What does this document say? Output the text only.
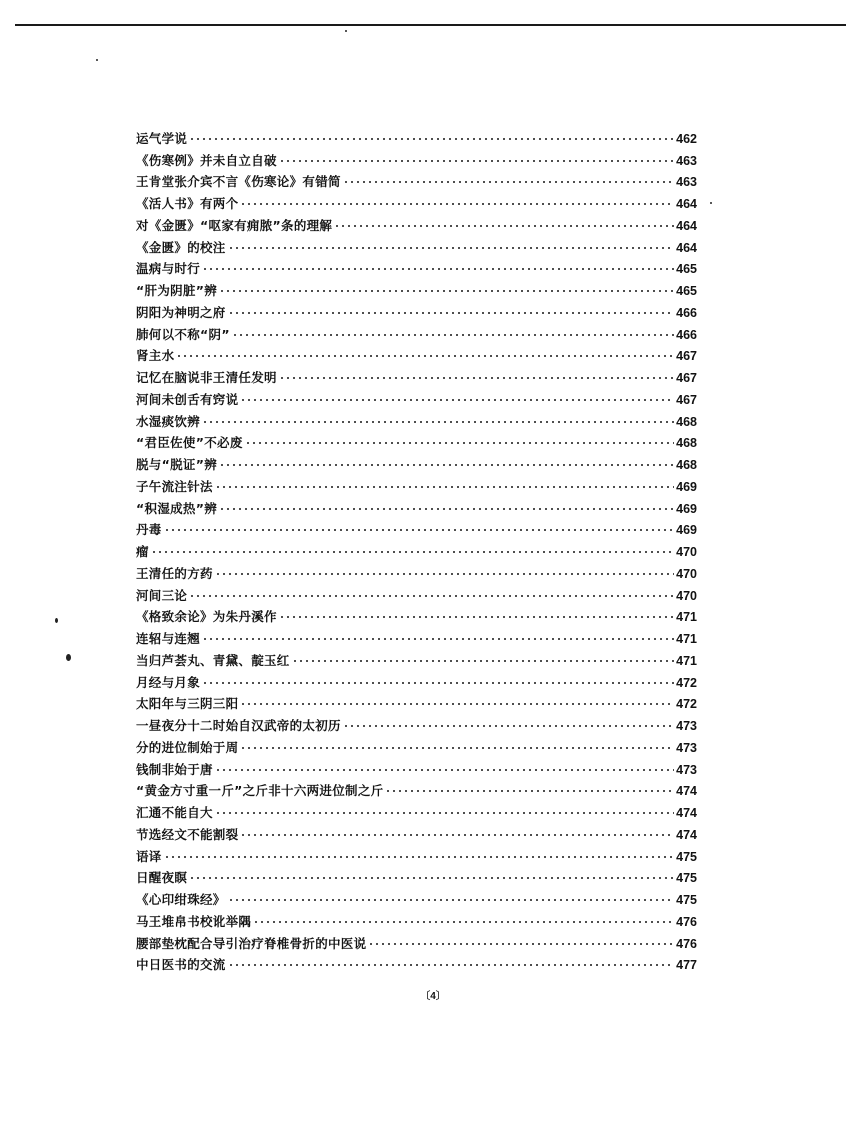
运气学说	462
《伤寒例》并未自立自破	463
王肯堂张介宾不言《伤寒论》有错简	463
《活人书》有两个	464
对《金匮》“呕家有痈脓”条的理解	464
《金匮》的校注	464
温病与时行	465
“肝为阴脏”辨	465
阴阳为神明之府	466
肺何以不称“阴”	466
肾主水	467
记忆在脑说非王清任发明	467
河间未创舌有窍说	467
水湿痰饮辨	468
“君臣佐使”不必废	468
脱与“脱证”辨	468
子午流注针法	469
“积湿成热”辨	469
丹毒	469
瘤	470
王清任的方药	470
河间三论	470
《格致余论》为朱丹溪作	471
连轺与连翘	471
当归芦荟丸、青黛、靛玉红	471
月经与月象	472
太阳年与三阴三阳	472
一昼夜分十二时始自汉武帝的太初历	473
分的进位制始于周	473
钱制非始于唐	473
“黄金方寸重一斤”之斤非十六两进位制之斤	474
汇通不能自大	474
节选经文不能割裂	474
语译	475
日醒夜瞑	475
《心印绀珠经》	475
马王堆帛书校讹举隅	476
腰部垫枕配合导引治疗脊椎骨折的中医说	476
中日医书的交流	477
〔4〕
